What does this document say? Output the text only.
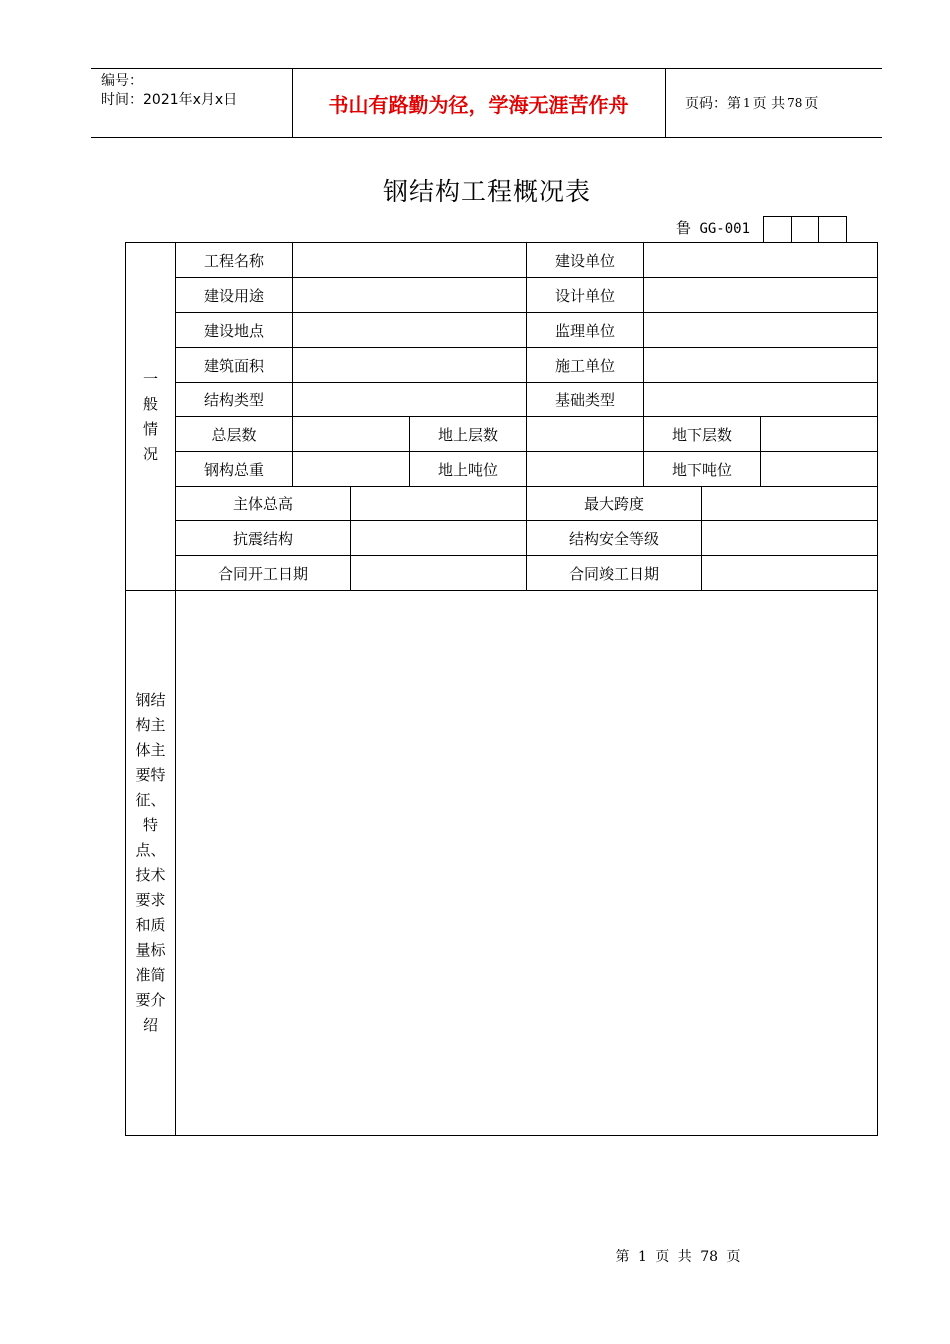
编号：
时间：2021年x月x日	书山有路勤为径，学海无涯苦作舟	页码：第 1 页 共 78 页
钢结构工程概况表
鲁 GG-001
一
般
情
况
钢结
构主
体主
要特
征、
特
点、
技术
要求
和质
量标
准简
要介
绍
工程名称	建设单位
建设用途	设计单位
建设地点	监理单位
建筑面积	施工单位
结构类型	基础类型
总层数	地上层数	地下层数
钢构总重	地上吨位	地下吨位
主体总高	最大跨度
抗震结构	结构安全等级
合同开工日期	合同竣工日期
第 1 页 共 78 页
